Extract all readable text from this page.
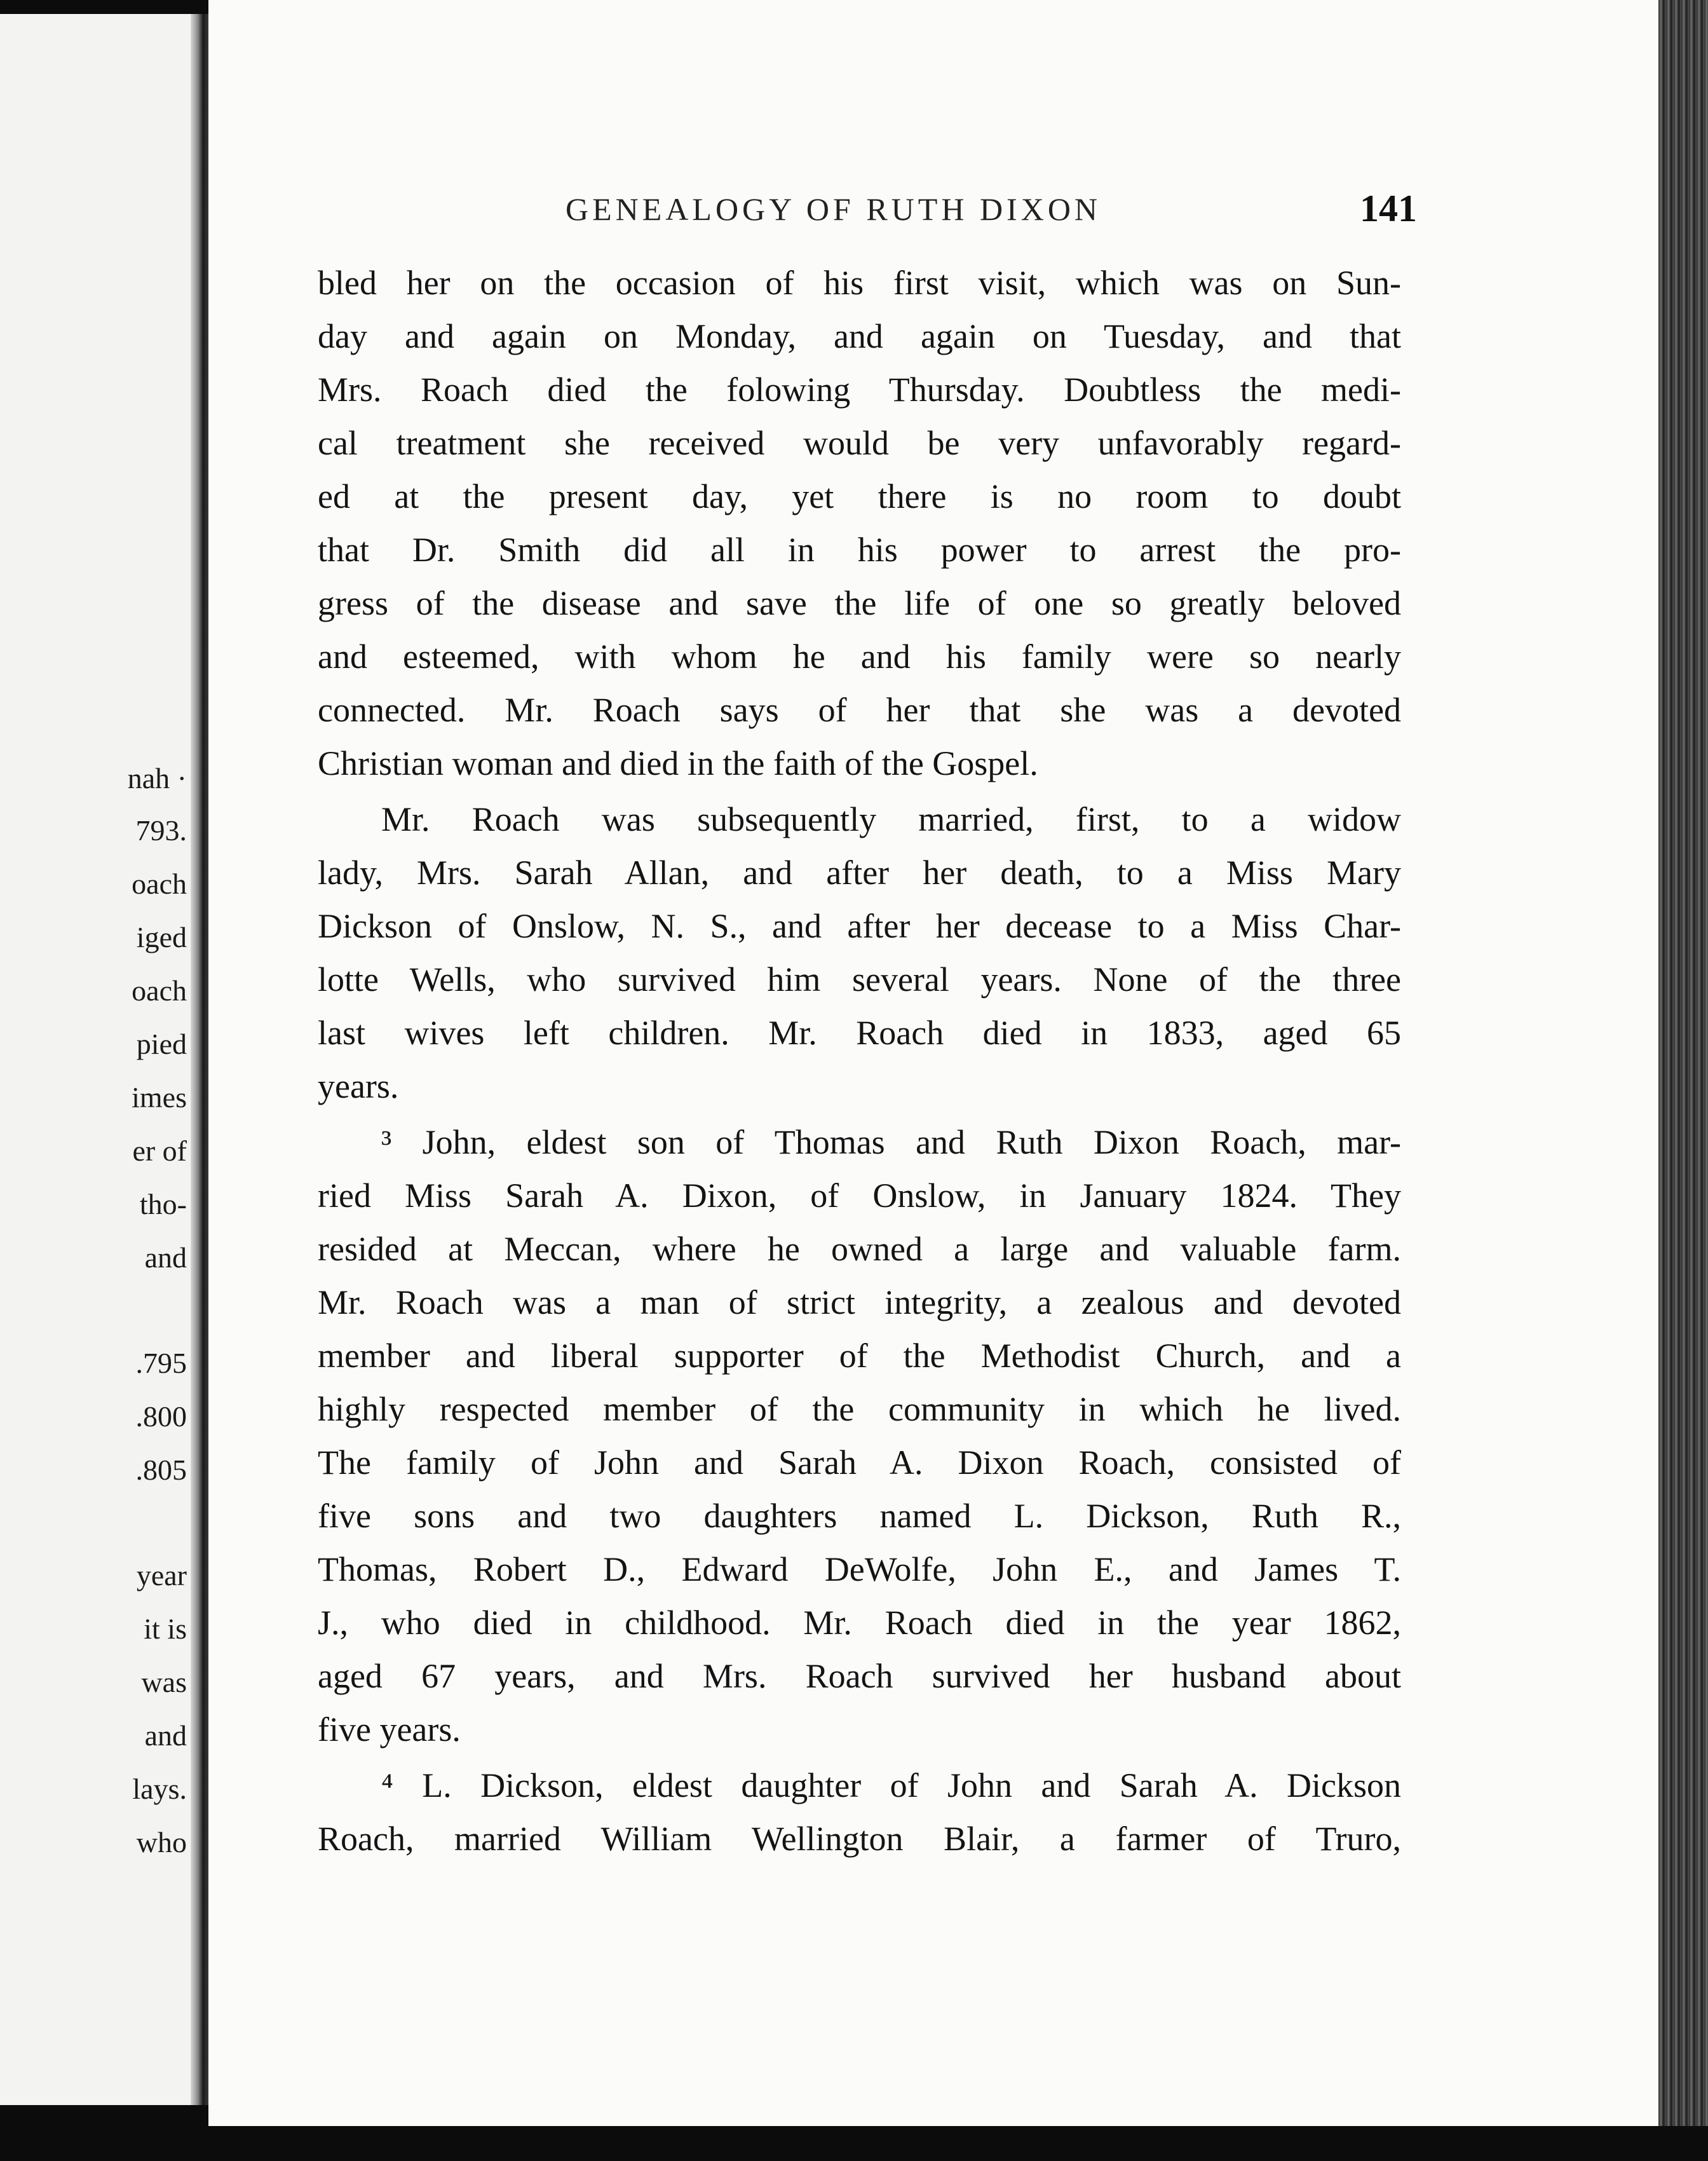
nah ·
793.
oach
iged
oach
pied
imes
er of
tho-
and
.795
.800
.805
year
it is
was
and
lays.
who
GENEALOGY OF RUTH DIXON	141
bled her on the occasion of his first visit, which was on Sun-
day and again on Monday, and again on Tuesday, and that
Mrs. Roach died the folowing Thursday. Doubtless the medi-
cal treatment she received would be very unfavorably regard-
ed at the present day, yet there is no room to doubt
that Dr. Smith did all in his power to arrest the pro-
gress of the disease and save the life of one so greatly beloved
and esteemed, with whom he and his family were so nearly
connected. Mr. Roach says of her that she was a devoted
Christian woman and died in the faith of the Gospel.
Mr. Roach was subsequently married, first, to a widow
lady, Mrs. Sarah Allan, and after her death, to a Miss Mary
Dickson of Onslow, N. S., and after her decease to a Miss Char-
lotte Wells, who survived him several years. None of the three
last wives left children. Mr. Roach died in 1833, aged 65
years.
³ John, eldest son of Thomas and Ruth Dixon Roach, mar-
ried Miss Sarah A. Dixon, of Onslow, in January 1824. They
resided at Meccan, where he owned a large and valuable farm.
Mr. Roach was a man of strict integrity, a zealous and devoted
member and liberal supporter of the Methodist Church, and a
highly respected member of the community in which he lived.
The family of John and Sarah A. Dixon Roach, consisted of
five sons and two daughters named L. Dickson, Ruth R.,
Thomas, Robert D., Edward DeWolfe, John E., and James T.
J., who died in childhood. Mr. Roach died in the year 1862,
aged 67 years, and Mrs. Roach survived her husband about
five years.
⁴ L. Dickson, eldest daughter of John and Sarah A. Dickson
Roach, married William Wellington Blair, a farmer of Truro,
